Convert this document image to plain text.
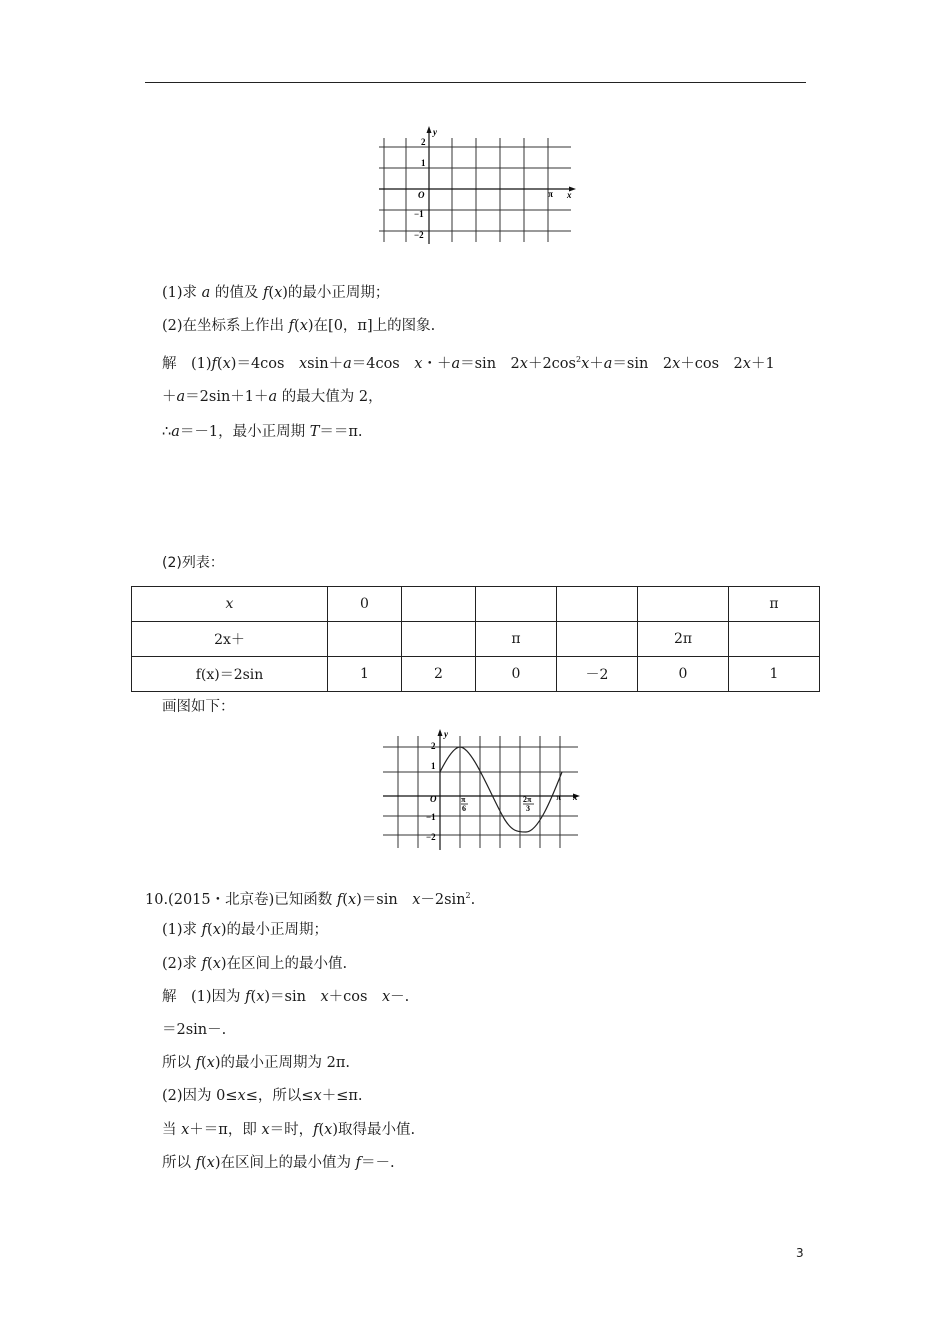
y
x
O
2
1
−1
−2
π
(1)求 a 的值及 f(x)的最小正周期；
(2)在坐标系上作出 f(x)在[0，π]上的图象.
解　(1)f(x)＝4cos　xsin＋a＝4cos　x・＋a＝sin　$2x+2\cos^2x+a=\sin$　2x＋cos　2x＋1
＋a＝2sin＋1＋a 的最大值为 2，
∴a＝－1，最小正周期 T＝＝π.
(2)列表：
x	0					π
2x＋			π		2π	
f(x)＝2sin	1	2	0	－2	0	1
画图如下：
y
x
O
2
1
−1
−2
π
6
2π
3
π
10.(2015・北京卷)已知函数 f(x)＝sin　$x-2\sin^2$.
(1)求 f(x)的最小正周期；
(2)求 f(x)在区间上的最小值.
解　(1)因为 f(x)＝sin　x＋cos　x－.
＝2sin－.
所以 f(x)的最小正周期为 2π.
(2)因为 0≤x≤，所以≤x＋≤π.
当 x＋＝π，即 x＝时，f(x)取得最小值.
所以 f(x)在区间上的最小值为 f＝－.
3
